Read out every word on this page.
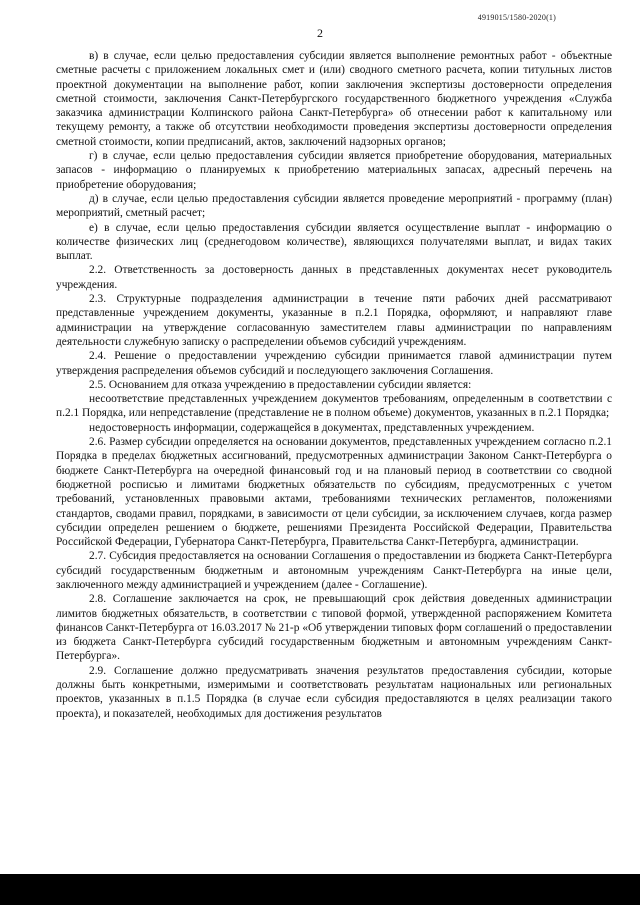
4919015/1580-2020(1)
2

в) в случае, если целью предоставления субсидии является выполнение ремонтных работ - объектные сметные расчеты с приложением локальных смет и (или) сводного сметного расчета, копии титульных листов проектной документации на выполнение работ, копии заключения экспертизы достоверности определения сметной стоимости, заключения Санкт-Петербургского государственного бюджетного учреждения «Служба заказчика администрации Колпинского района Санкт-Петербурга» об отнесении работ к капитальному или текущему ремонту, а также об отсутствии необходимости проведения экспертизы достоверности определения сметной стоимости, копии предписаний, актов, заключений надзорных органов;

г) в случае, если целью предоставления субсидии является приобретение оборудования, материальных запасов - информацию о планируемых к приобретению материальных запасах, адресный перечень на приобретение оборудования;

д) в случае, если целью предоставления субсидии является проведение мероприятий - программу (план) мероприятий, сметный расчет;

е) в случае, если целью предоставления субсидии является осуществление выплат - информацию о количестве физических лиц (среднегодовом количестве), являющихся получателями выплат, и видах таких выплат.

2.2. Ответственность за достоверность данных в представленных документах несет руководитель учреждения.

2.3. Структурные подразделения администрации в течение пяти рабочих дней рассматривают представленные учреждением документы, указанные в п.2.1 Порядка, оформляют, и направляют главе администрации на утверждение согласованную заместителем главы администрации по направлениям деятельности служебную записку о распределении объемов субсидий учреждениям.

2.4. Решение о предоставлении учреждению субсидии принимается главой администрации путем утверждения распределения объемов субсидий и последующего заключения Соглашения.

2.5. Основанием для отказа учреждению в предоставлении субсидии является:

несоответствие представленных учреждением документов требованиям, определенным в соответствии с п.2.1 Порядка, или непредставление (представление не в полном объеме) документов, указанных в п.2.1 Порядка;

недостоверность информации, содержащейся в документах, представленных учреждением.

2.6. Размер субсидии определяется на основании документов, представленных учреждением согласно п.2.1 Порядка в пределах бюджетных ассигнований, предусмотренных администрации Законом Санкт-Петербурга о бюджете Санкт-Петербурга на очередной финансовый год и на плановый период в соответствии со сводной бюджетной росписью и лимитами бюджетных обязательств по субсидиям, предусмотренных с учетом требований, установленных правовыми актами, требованиями технических регламентов, положениями стандартов, сводами правил, порядками, в зависимости от цели субсидии, за исключением случаев, когда размер субсидии определен решением о бюджете, решениями Президента Российской Федерации, Правительства Российской Федерации, Губернатора Санкт-Петербурга, Правительства Санкт-Петербурга, администрации.

2.7. Субсидия предоставляется на основании Соглашения о предоставлении из бюджета Санкт-Петербурга субсидий государственным бюджетным и автономным учреждениям Санкт-Петербурга на иные цели, заключенного между администрацией и учреждением (далее - Соглашение).

2.8. Соглашение заключается на срок, не превышающий срок действия доведенных администрации лимитов бюджетных обязательств, в соответствии с типовой формой, утвержденной распоряжением Комитета финансов Санкт-Петербурга от 16.03.2017 № 21-р «Об утверждении типовых форм соглашений о предоставлении из бюджета Санкт-Петербурга субсидий государственным бюджетным и автономным учреждениям Санкт-Петербурга».

2.9. Соглашение должно предусматривать значения результатов предоставления субсидии, которые должны быть конкретными, измеримыми и соответствовать результатам национальных или региональных проектов, указанных в п.1.5 Порядка (в случае если субсидия предоставляются в целях реализации такого проекта), и показателей, необходимых для достижения результатов
